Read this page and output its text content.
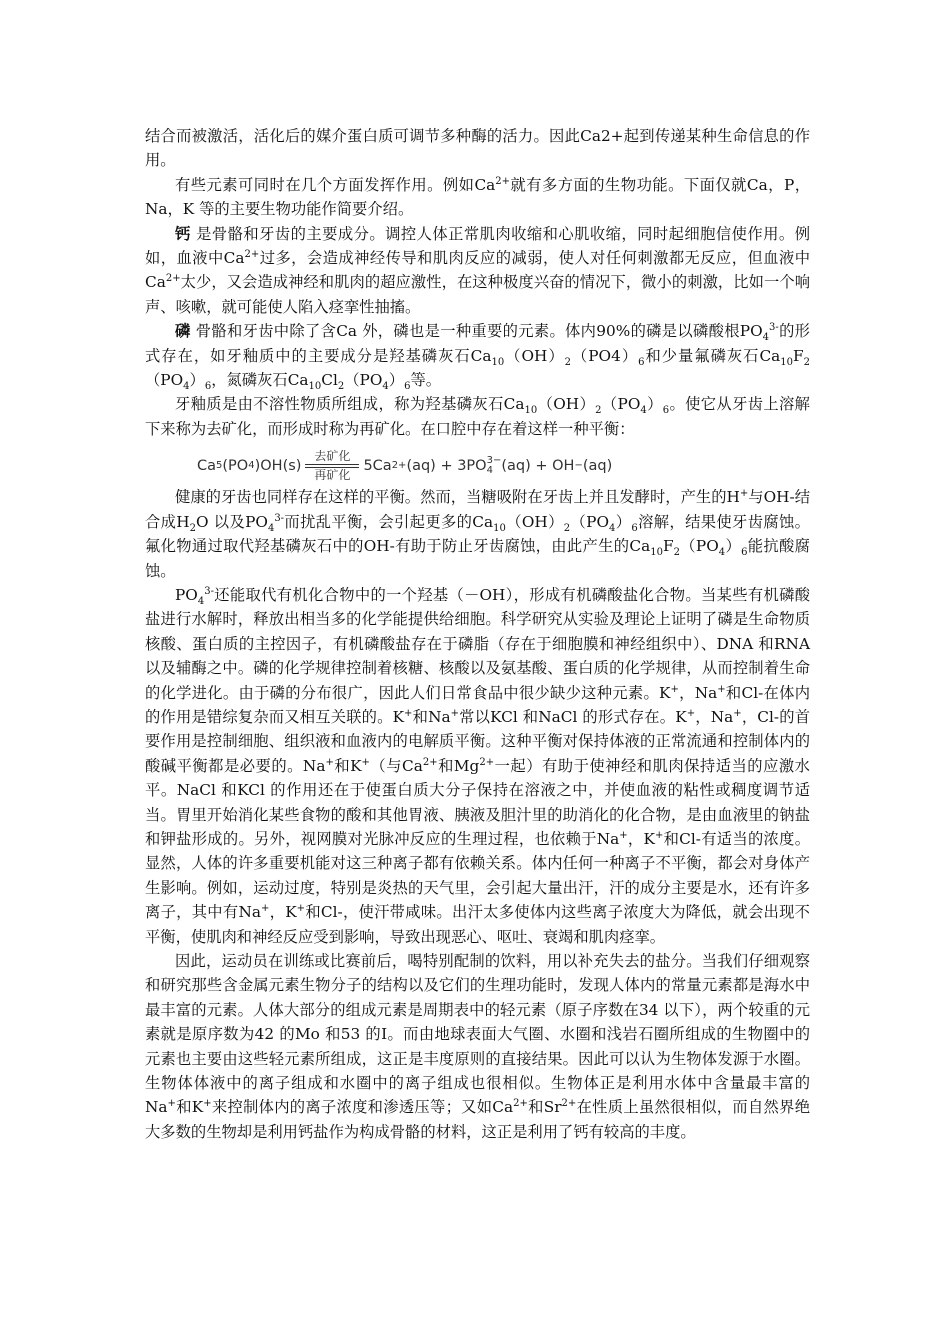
结合而被激活，活化后的媒介蛋白质可调节多种酶的活力。因此Ca2+起到传递某种生命信息的作用。

有些元素可同时在几个方面发挥作用。例如$Ca^{2+}$就有多方面的生物功能。下面仅就Ca，P，Na，K 等的主要生物功能作简要介绍。

钙 是骨骼和牙齿的主要成分。调控人体正常肌肉收缩和心肌收缩，同时起细胞信使作用。例如，血液中$Ca^{2+}$过多，会造成神经传导和肌肉反应的减弱，使人对任何刺激都无反应，但血液中$Ca^{2+}$太少，又会造成神经和肌肉的超应激性，在这种极度兴奋的情况下，微小的刺激，比如一个响声、咳嗽，就可能使人陷入痉挛性抽搐。

磷 骨骼和牙齿中除了含Ca 外，磷也是一种重要的元素。体内90%的磷是以磷酸根$PO_4^{3-}$的形式存在，如牙釉质中的主要成分是羟基磷灰石$Ca_{10}(OH)_2(PO4)_6$和少量氟磷灰石$Ca_{10}F_2(PO_4)_6$，氮磷灰石$Ca_{10}Cl_2(PO_4)_6$等。

牙釉质是由不溶性物质所组成，称为羟基磷灰石$Ca_{10}(OH)_2(PO_4)_6$。使它从牙齿上溶解下来称为去矿化，而形成时称为再矿化。在口腔中存在着这样一种平衡：

Ca 5 (PO 4 )OH(s)
去矿化
再矿化
5Ca 2+ (aq) + 3PO 3−
4 (aq) + OH − (aq)

健康的牙齿也同样存在这样的平衡。然而，当糖吸附在牙齿上并且发酵时，产生的H+与OH-结合成$H_2O$ 以及$PO_4^{3-}$而扰乱平衡，会引起更多的$Ca_{10}(OH)_2(PO_4)_6$溶解，结果使牙齿腐蚀。氟化物通过取代羟基磷灰石中的OH-有助于防止牙齿腐蚀，由此产生的$Ca_{10}F_2(PO_4)_6$能抗酸腐蚀。

$PO_4^{3-}$还能取代有机化合物中的一个羟基（－OH），形成有机磷酸盐化合物。当某些有机磷酸盐进行水解时，释放出相当多的化学能提供给细胞。科学研究从实验及理论上证明了磷是生命物质核酸、蛋白质的主控因子，有机磷酸盐存在于磷脂（存在于细胞膜和神经组织中）、DNA 和RNA 以及辅酶之中。磷的化学规律控制着核糖、核酸以及氨基酸、蛋白质的化学规律，从而控制着生命的化学进化。由于磷的分布很广，因此人们日常食品中很少缺少这种元素。K+，Na+和Cl-在体内的作用是错综复杂而又相互关联的。K+和Na+常以KCl 和NaCl 的形式存在。K+，Na+，Cl-的首要作用是控制细胞、组织液和血液内的电解质平衡。这种平衡对保持体液的正常流通和控制体内的酸碱平衡都是必要的。Na+和K+（与$Ca^{2+}$和$Mg^{2+}$一起）有助于使神经和肌肉保持适当的应激水平。NaCl 和KCl 的作用还在于使蛋白质大分子保持在溶液之中，并使血液的粘性或稠度调节适当。胃里开始消化某些食物的酸和其他胃液、胰液及胆汁里的助消化的化合物，是由血液里的钠盐和钾盐形成的。另外，视网膜对光脉冲反应的生理过程，也依赖于Na+，K+和Cl-有适当的浓度。显然，人体的许多重要机能对这三种离子都有依赖关系。体内任何一种离子不平衡，都会对身体产生影响。例如，运动过度，特别是炎热的天气里，会引起大量出汗，汗的成分主要是水，还有许多离子，其中有Na+，K+和Cl-，使汗带咸味。出汗太多使体内这些离子浓度大为降低，就会出现不平衡，使肌肉和神经反应受到影响，导致出现恶心、呕吐、衰竭和肌肉痉挛。

因此，运动员在训练或比赛前后，喝特别配制的饮料，用以补充失去的盐分。当我们仔细观察和研究那些含金属元素生物分子的结构以及它们的生理功能时，发现人体内的常量元素都是海水中最丰富的元素。人体大部分的组成元素是周期表中的轻元素（原子序数在34 以下），两个较重的元素就是原序数为42 的Mo 和53 的I。而由地球表面大气圈、水圈和浅岩石圈所组成的生物圈中的元素也主要由这些轻元素所组成，这正是丰度原则的直接结果。因此可以认为生物体发源于水圈。生物体体液中的离子组成和水圈中的离子组成也很相似。生物体正是利用水体中含量最丰富的Na+和K+来控制体内的离子浓度和渗透压等；又如$Ca^{2+}$和$Sr^{2+}$在性质上虽然很相似，而自然界绝大多数的生物却是利用钙盐作为构成骨骼的材料，这正是利用了钙有较高的丰度。
